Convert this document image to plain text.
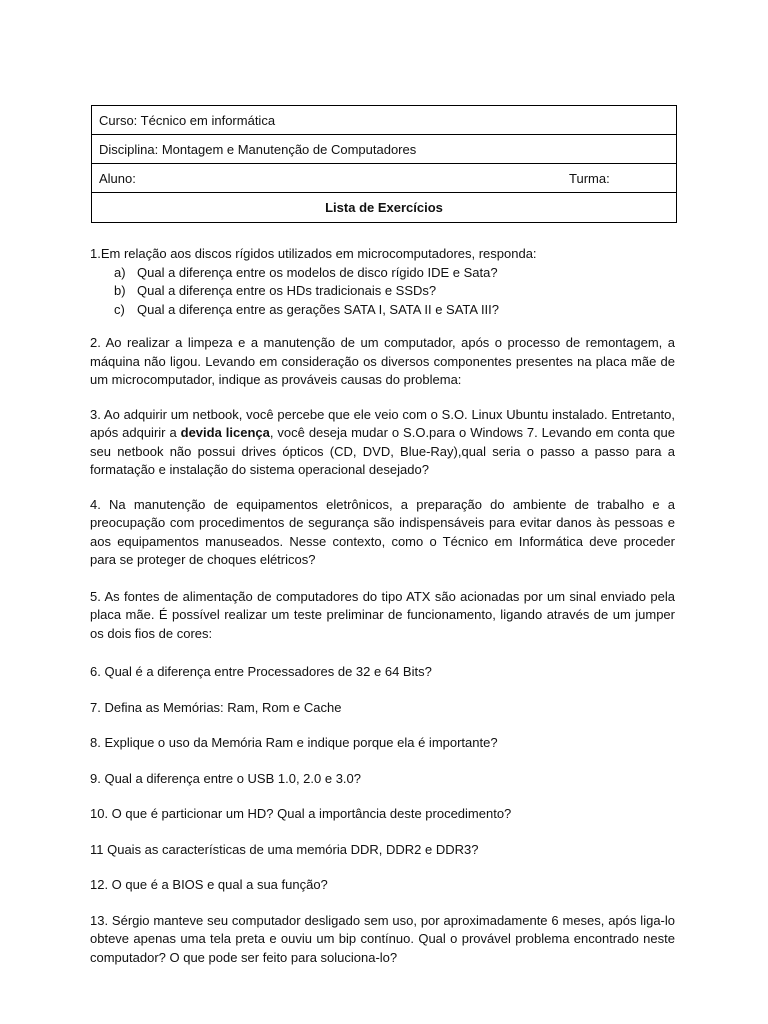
Curso: Técnico em informática
Disciplina: Montagem e Manutenção de Computadores
Aluno:	Turma:
Lista de Exercícios

1.Em relação aos discos rígidos utilizados em microcomputadores, responda:

a) Qual a diferença entre os modelos de disco rígido IDE e Sata?
b) Qual a diferença entre os HDs tradicionais e SSDs?
c) Qual a diferença entre as gerações SATA I, SATA II e SATA III?

2. Ao realizar a limpeza e a manutenção de um computador, após o processo de remontagem, a máquina não ligou. Levando em consideração os diversos componentes presentes na placa mãe de um microcomputador, indique as prováveis causas do problema:

3. Ao adquirir um netbook, você percebe que ele veio com o S.O. Linux Ubuntu instalado. Entretanto, após adquirir a devida licença, você deseja mudar o S.O.para o Windows 7. Levando em conta que seu netbook não possui drives ópticos (CD, DVD, Blue-Ray),qual seria o passo a passo para a formatação e instalação do sistema operacional desejado?

4. Na manutenção de equipamentos eletrônicos, a preparação do ambiente de trabalho e a preocupação com procedimentos de segurança são indispensáveis para evitar danos às pessoas e aos equipamentos manuseados. Nesse contexto, como o Técnico em Informática deve proceder para se proteger de choques elétricos?

5. As fontes de alimentação de computadores do tipo ATX são acionadas por um sinal enviado pela placa mãe. É possível realizar um teste preliminar de funcionamento, ligando através de um jumper os dois fios de cores:

6. Qual é a diferença entre Processadores de 32 e 64 Bits?

7. Defina as Memórias: Ram, Rom e Cache

8. Explique o uso da Memória Ram e indique porque ela é importante?

9. Qual a diferença entre o USB 1.0, 2.0 e 3.0?

10. O que é particionar um HD? Qual a importância deste procedimento?

11 Quais as características de uma memória DDR, DDR2 e DDR3?

12. O que é a BIOS e qual a sua função?

13. Sérgio manteve seu computador desligado sem uso, por aproximadamente 6 meses, após liga-lo obteve apenas uma tela preta e ouviu um bip contínuo. Qual o provável problema encontrado neste computador? O que pode ser feito para soluciona-lo?
